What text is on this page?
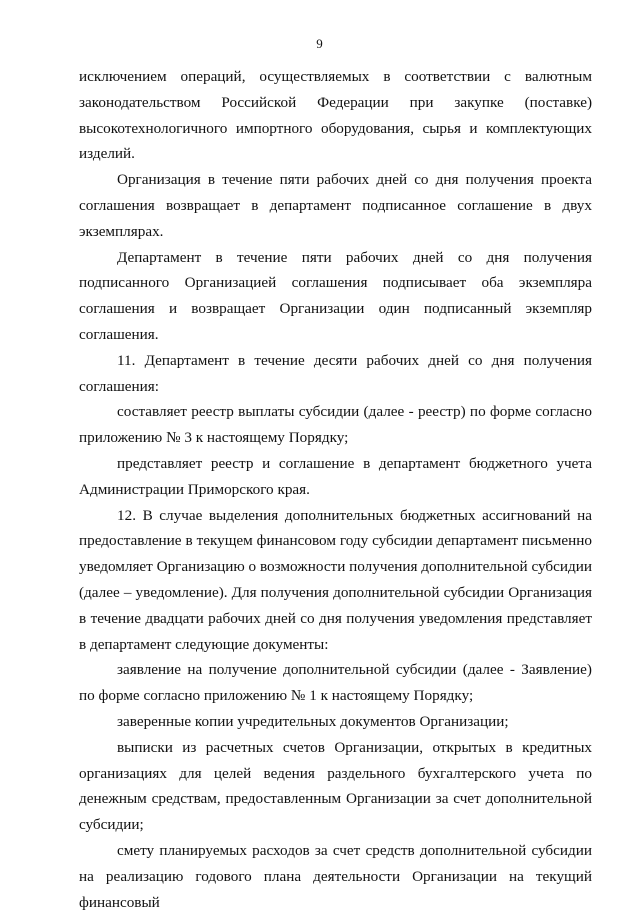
9

исключением операций, осуществляемых в соответствии с валютным законодательством Российской Федерации при закупке (поставке) высокотехнологичного импортного оборудования, сырья и комплектующих изделий.

Организация в течение пяти рабочих дней со дня получения проекта соглашения возвращает в департамент подписанное соглашение в двух экземплярах.

Департамент в течение пяти рабочих дней со дня получения подписанного Организацией соглашения подписывает оба экземпляра соглашения и возвращает Организации один подписанный экземпляр соглашения.

11. Департамент в течение десяти рабочих дней со дня получения соглашения:

составляет реестр выплаты субсидии (далее - реестр) по форме согласно приложению № 3 к настоящему Порядку;

представляет реестр и соглашение в департамент бюджетного учета Администрации Приморского края.

12. В случае выделения дополнительных бюджетных ассигнований на предоставление в текущем финансовом году субсидии департамент письменно уведомляет Организацию о возможности получения дополнительной субсидии (далее – уведомление). Для получения дополнительной субсидии Организация в течение двадцати рабочих дней со дня получения уведомления представляет в департамент следующие документы:

заявление на получение дополнительной субсидии (далее - Заявление) по форме согласно приложению № 1 к настоящему Порядку;

заверенные копии учредительных документов Организации;

выписки из расчетных счетов Организации, открытых в кредитных организациях для целей ведения раздельного бухгалтерского учета по денежным средствам, предоставленным Организации за счет дополнительной субсидии;

смету планируемых расходов за счет средств дополнительной субсидии на реализацию годового плана деятельности Организации на текущий финансовый
